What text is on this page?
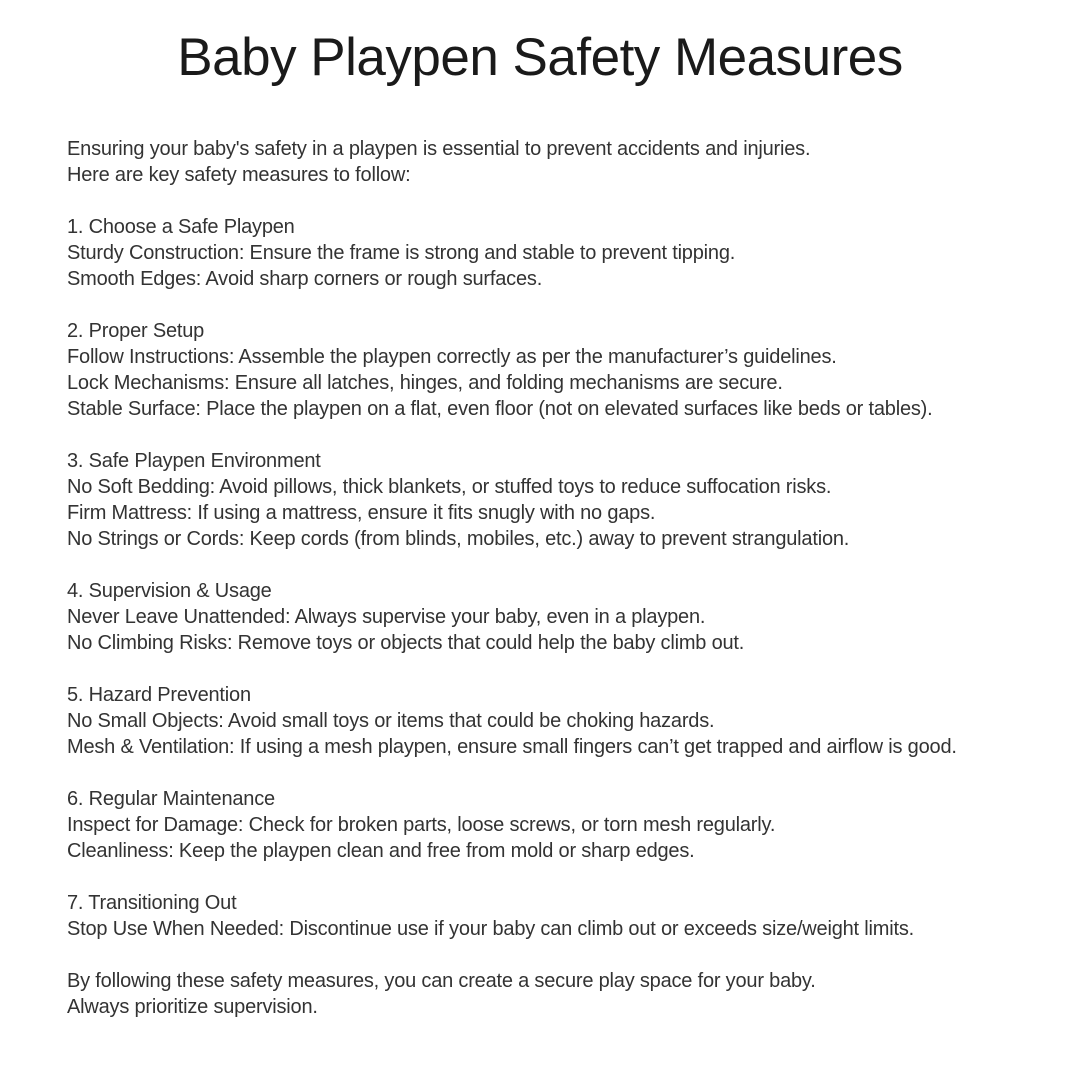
Baby Playpen Safety Measures
Ensuring your baby's safety in a playpen is essential to prevent accidents and injuries.
Here are key safety measures to follow:
1. Choose a Safe Playpen
Sturdy Construction: Ensure the frame is strong and stable to prevent tipping.
Smooth Edges: Avoid sharp corners or rough surfaces.
2. Proper Setup
Follow Instructions: Assemble the playpen correctly as per the manufacturer’s guidelines.
Lock Mechanisms: Ensure all latches, hinges, and folding mechanisms are secure.
Stable Surface: Place the playpen on a flat, even floor (not on elevated surfaces like beds or tables).
3. Safe Playpen Environment
No Soft Bedding: Avoid pillows, thick blankets, or stuffed toys to reduce suffocation risks.
Firm Mattress: If using a mattress, ensure it fits snugly with no gaps.
No Strings or Cords: Keep cords (from blinds, mobiles, etc.) away to prevent strangulation.
4. Supervision & Usage
Never Leave Unattended: Always supervise your baby, even in a playpen.
No Climbing Risks: Remove toys or objects that could help the baby climb out.
5. Hazard Prevention
No Small Objects: Avoid small toys or items that could be choking hazards.
Mesh & Ventilation: If using a mesh playpen, ensure small fingers can’t get trapped and airflow is good.
6. Regular Maintenance
Inspect for Damage: Check for broken parts, loose screws, or torn mesh regularly.
Cleanliness: Keep the playpen clean and free from mold or sharp edges.
7. Transitioning Out
Stop Use When Needed: Discontinue use if your baby can climb out or exceeds size/weight limits.
By following these safety measures, you can create a secure play space for your baby.
Always prioritize supervision.
